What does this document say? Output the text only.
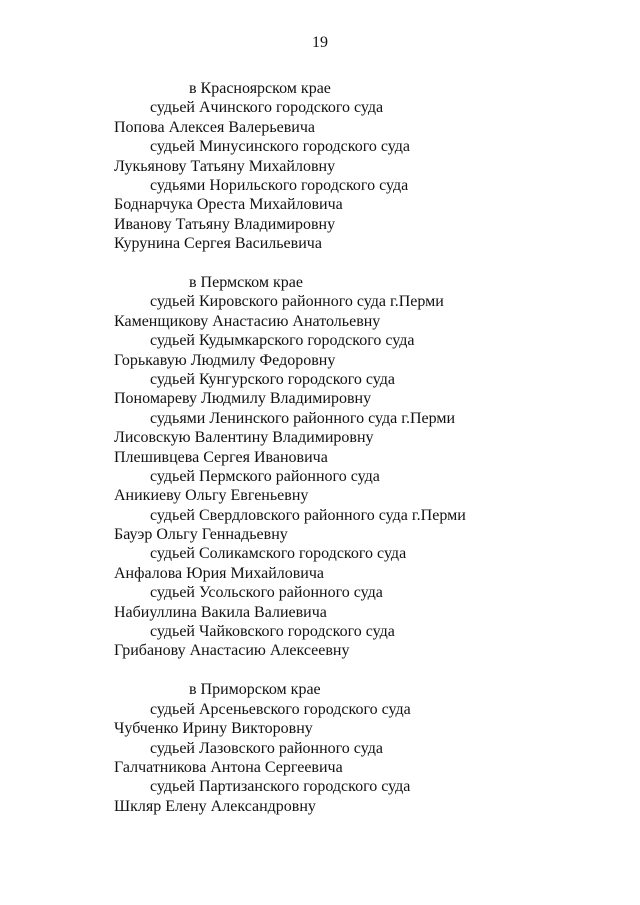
19
в Красноярском крае
судьей Ачинского городского суда
Попова Алексея Валерьевича
судьей Минусинского городского суда
Лукьянову Татьяну Михайловну
судьями Норильского городского суда
Боднарчука Ореста Михайловича
Иванову Татьяну Владимировну
Курунина Сергея Васильевича
в Пермском крае
судьей Кировского районного суда г.Перми
Каменщикову Анастасию Анатольевну
судьей Кудымкарского городского суда
Горькавую Людмилу Федоровну
судьей Кунгурского городского суда
Пономареву Людмилу Владимировну
судьями Ленинского районного суда г.Перми
Лисовскую Валентину Владимировну
Плешивцева Сергея Ивановича
судьей Пермского районного суда
Аникиеву Ольгу Евгеньевну
судьей Свердловского районного суда г.Перми
Бауэр Ольгу Геннадьевну
судьей Соликамского городского суда
Анфалова Юрия Михайловича
судьей Усольского районного суда
Набиуллина Вакила Валиевича
судьей Чайковского городского суда
Грибанову Анастасию Алексеевну
в Приморском крае
судьей Арсеньевского городского суда
Чубченко Ирину Викторовну
судьей Лазовского районного суда
Галчатникова Антона Сергеевича
судьей Партизанского городского суда
Шкляр Елену Александровну
